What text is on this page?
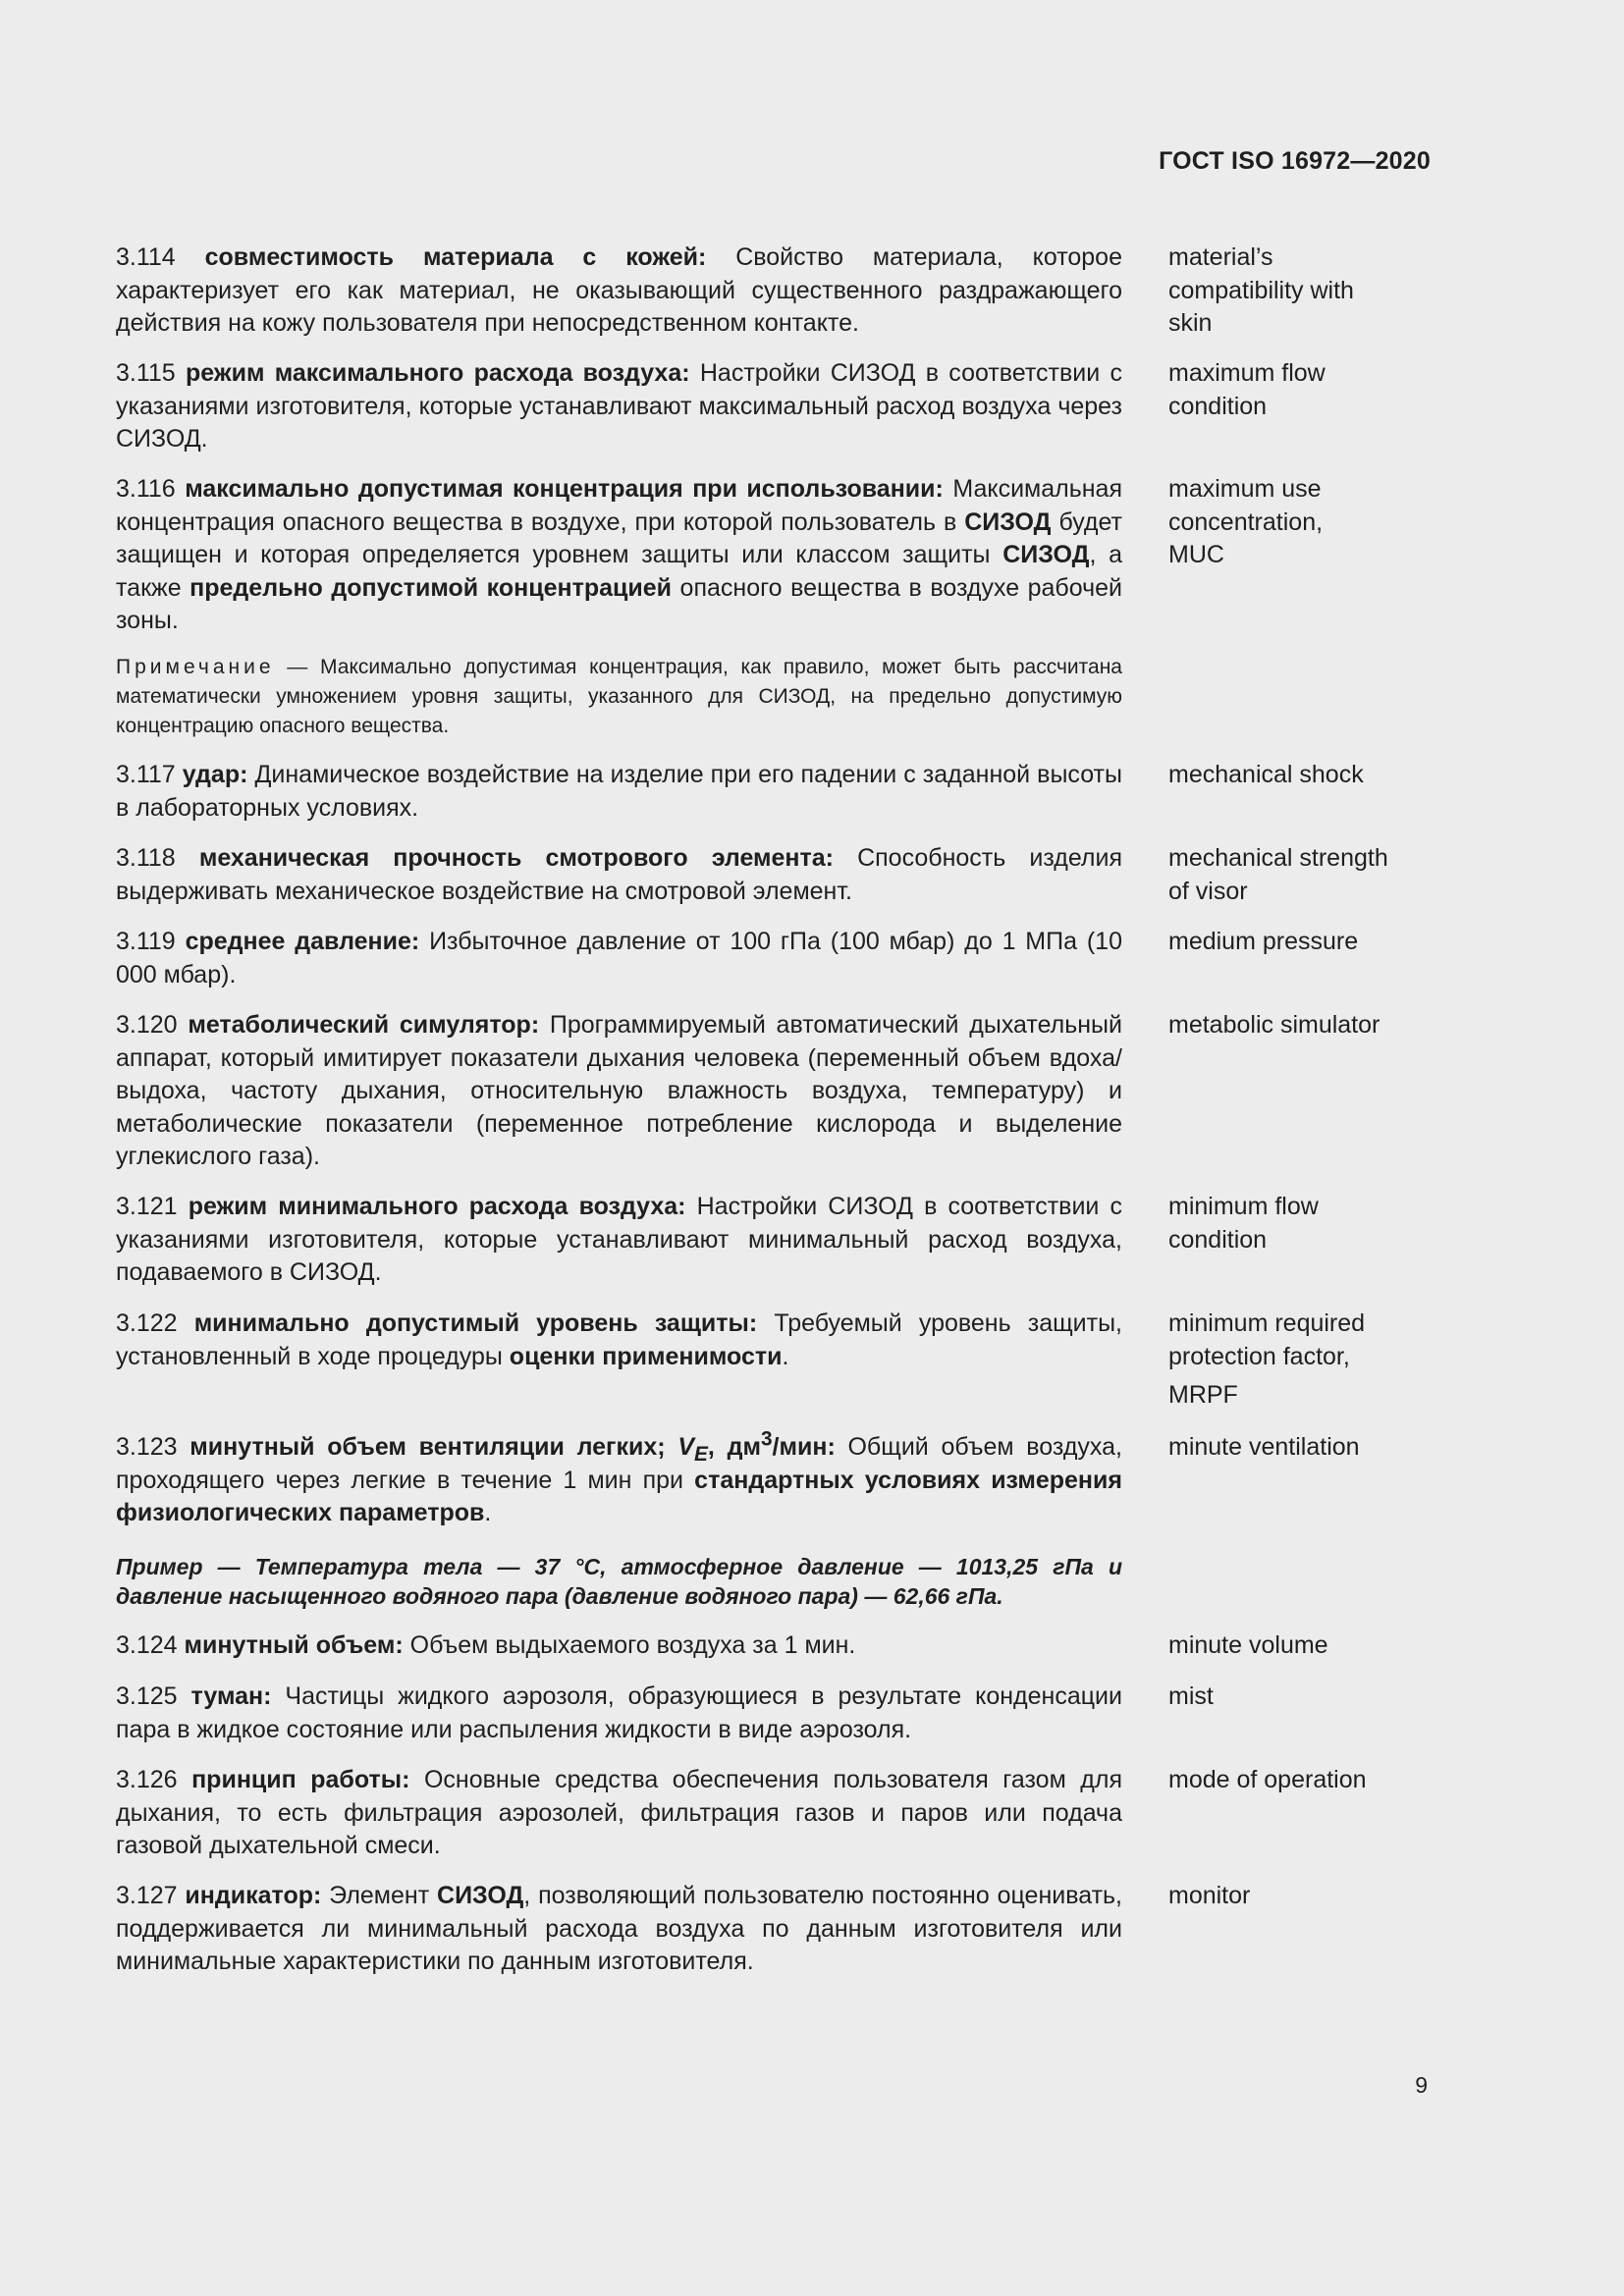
ГОСТ ISO 16972—2020
3.114 совместимость материала с кожей: Свойство материала, которое характеризует его как материал, не оказывающий существенного раздражающего действия на кожу пользователя при непосредственном контакте.
material’s
compatibility with
skin
3.115 режим максимального расхода воздуха: Настройки СИЗОД в соответствии с указаниями изготовителя, которые устанавливают максимальный расход воздуха через СИЗОД.
maximum flow
condition
3.116 максимально допустимая концентрация при использовании: Максимальная концентрация опасного вещества в воздухе, при которой пользователь в СИЗОД будет защищен и которая определяется уровнем защиты или классом защиты СИЗОД, а также предельно допустимой концентрацией опасного вещества в воздухе рабочей зоны.
maximum use
concentration,
MUC
Примечание — Максимально допустимая концентрация, как правило, может быть рассчитана математически умножением уровня защиты, указанного для СИЗОД, на предельно допустимую концентрацию опасного вещества.
3.117 удар: Динамическое воздействие на изделие при его падении с заданной высоты в лабораторных условиях.
mechanical shock
3.118 механическая прочность смотрового элемента: Способность изделия выдерживать механическое воздействие на смотровой элемент.
mechanical strength
of visor
3.119 среднее давление: Избыточное давление от 100 гПа (100 мбар) до 1 МПа (10 000 мбар).
medium pressure
3.120 метаболический симулятор: Программируемый автоматический дыхательный аппарат, который имитирует показатели дыхания человека (переменный объем вдоха/выдоха, частоту дыхания, относительную влажность воздуха, температуру) и метаболические показатели (переменное потребление кислорода и выделение углекислого газа).
metabolic simulator
3.121 режим минимального расхода воздуха: Настройки СИЗОД в соответствии с указаниями изготовителя, которые устанавливают минимальный расход воздуха, подаваемого в СИЗОД.
minimum flow
condition
3.122 минимально допустимый уровень защиты: Требуемый уровень защиты, установленный в ходе процедуры оценки применимости.
minimum required
protection factor,
MRPF
3.123 минутный объем вентиляции легких; $V_E$, $дм^3$/мин: Общий объем воздуха, проходящего через легкие в течение 1 мин при стандартных условиях измерения физиологических параметров.
minute ventilation
Пример — Температура тела — 37 °С, атмосферное давление — 1013,25 гПа и давление насыщенного водяного пара (давление водяного пара) — 62,66 гПа.
3.124 минутный объем: Объем выдыхаемого воздуха за 1 мин.	minute volume
3.125 туман: Частицы жидкого аэрозоля, образующиеся в результате конденсации пара в жидкое состояние или распыления жидкости в виде аэрозоля.
mist
3.126 принцип работы: Основные средства обеспечения пользователя газом для дыхания, то есть фильтрация аэрозолей, фильтрация газов и паров или подача газовой дыхательной смеси.
mode of operation
3.127 индикатор: Элемент СИЗОД, позволяющий пользователю постоянно оценивать, поддерживается ли минимальный расхода воздуха по данным изготовителя или минимальные характеристики по данным изготовителя.
monitor
9
